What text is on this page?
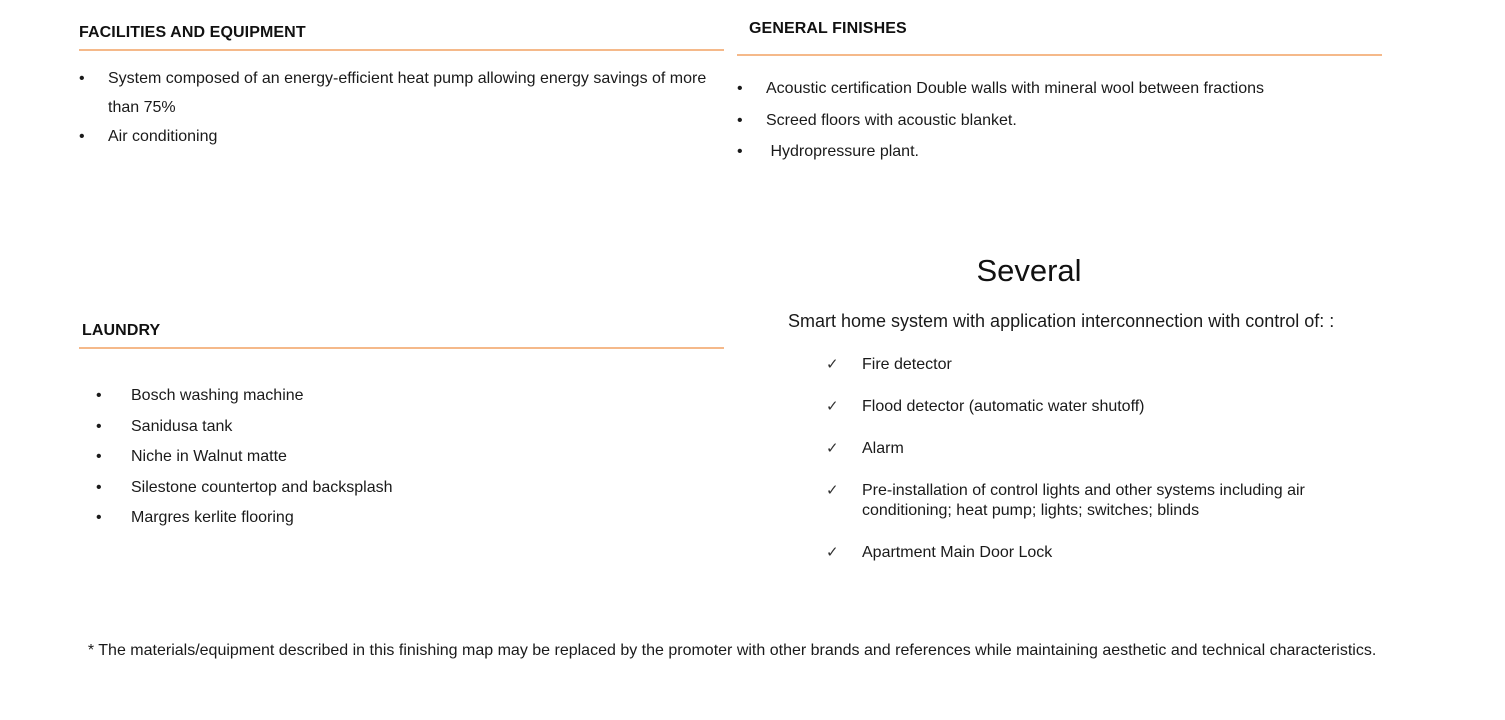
FACILITIES AND EQUIPMENT
• System composed of an energy-efficient heat pump allowing energy savings of more than 75%
• Air conditioning
GENERAL FINISHES
• Acoustic certification Double walls with mineral wool between fractions
• Screed floors with acoustic blanket.
• Hydropressure plant.
Several
Smart home system with application interconnection with control of: :
✓ Fire detector
✓ Flood detector (automatic water shutoff)
✓ Alarm
✓ Pre-installation of control lights and other systems including air conditioning; heat pump; lights; switches; blinds
✓ Apartment Main Door Lock
LAUNDRY
• Bosch washing machine
• Sanidusa tank
• Niche in Walnut matte
• Silestone countertop and backsplash
• Margres kerlite flooring
* The materials/equipment described in this finishing map may be replaced by the promoter with other brands and references while maintaining aesthetic and technical characteristics.
